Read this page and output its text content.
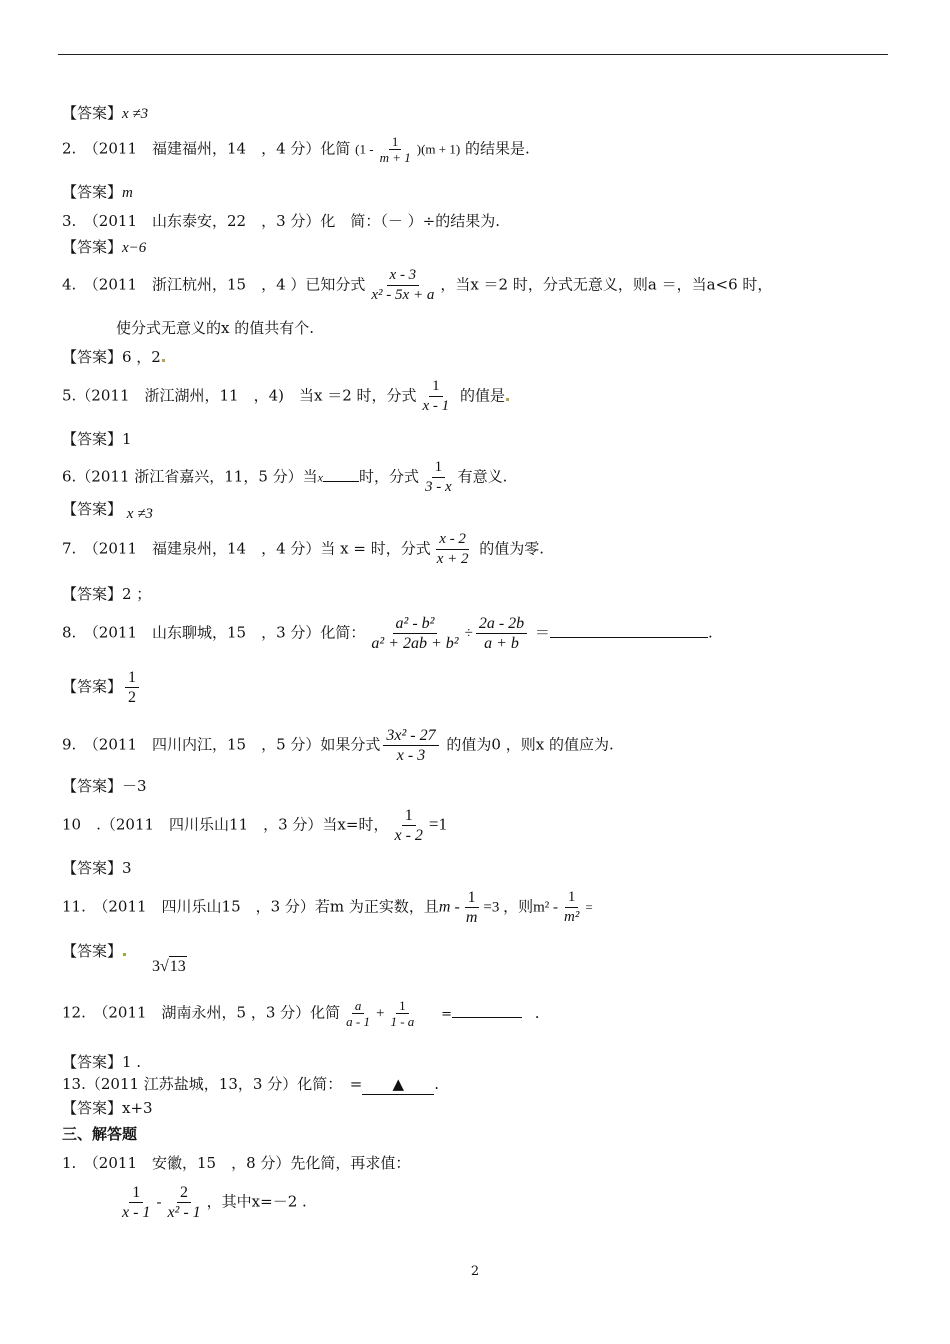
【答案】x ≠3
2.　（2011　福建福州，14　，4 分）化简 $(1 - \frac{1}{m + 1} )(m + 1)$ 的结果是.
【答案】m
3.　（2011　山东泰安，22　，3 分）化　简：（－ ）÷的结果为.
【答案】x−6
4.　（2011　浙江杭州，15　，4 ）已知分式 $\frac{x - 3}{\text{x² - 5x + a}}$ ，当x ＝2 时，分式无意义，则a ＝，当a<6 时，
使分式无意义的x 的值共有个.
【答案】6 ，2
5.（2011　浙江湖州，11　，4)　当x ＝2 时，分式 $\frac{1}{x - 1}$ 的值是
【答案】1
6.（2011 浙江省嘉兴，11，5 分）当x 时，分式 $\frac{1}{3 - x}$ 有意义.
【答案】 x ≠3
7.　（2011　福建泉州，14　，4 分）当 x = 时，分式 $\frac{x - 2}{x + 2}$ 的值为零.
【答案】2 ；
8.　（2011　山东聊城，15　，3 分）化简： $\frac{\text{a² - b²}}{\text{a² + 2ab + b²}} \div \frac{2a - 2b}{a + b}$ ＝	.
【答案】 $\frac{1}{2}$
9.　（2011　四川内江，15　，5 分）如果分式 $\frac{\text{3x² - 27}}{x - 3}$ 的值为0 ，则x 的值应为.
【答案】－3
10　.（2011　四川乐山11　，3 分）当x=时， $\frac{1}{x - 2} =1$
【答案】3
11.　（2011　四川乐山15　，3 分）若m 为正实数，且$m - \frac{1}{m} =3$ ，则$m^2 - \frac{1}{\text{m²}}$ =
【答案】
3√13
12.　（2011　湖南永州，5 ，3 分）化简 $\frac{a}{a - 1} + \frac{1}{1 - a}$ =	.
【答案】1 .
13.（2011 江苏盐城，13，3 分）化简：　= ▲ .
【答案】x+3
三、解答题
1.　（2011　安徽，15　，8 分）先化简，再求值：
$\frac{1}{x - 1} - \frac{2}{\text{x² - 1}}$ ，其中x=－2 .
2
